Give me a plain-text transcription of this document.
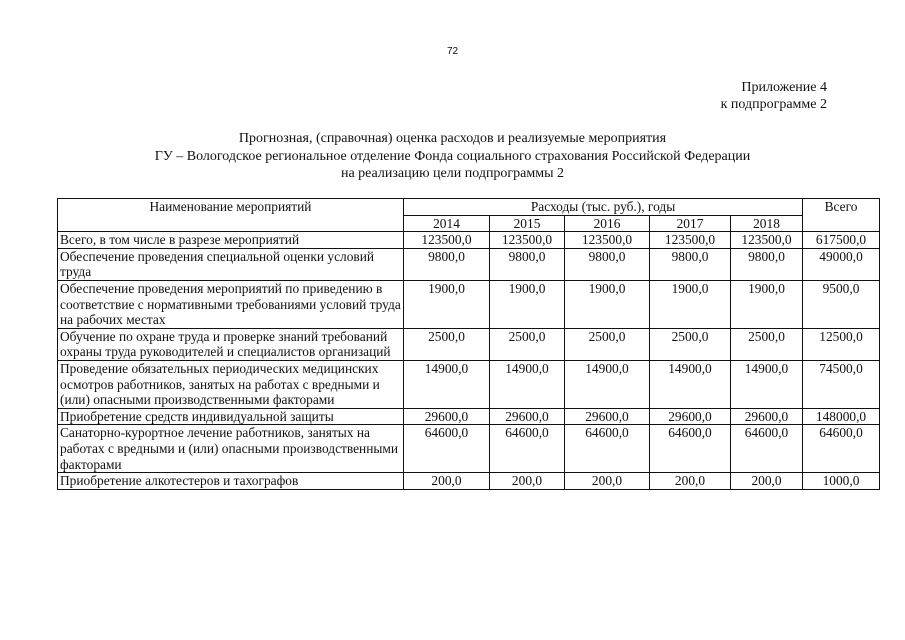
72
Приложение 4
к подпрограмме 2
Прогнозная, (справочная) оценка расходов и реализуемые мероприятия
ГУ – Вологодское региональное отделение Фонда социального страхования Российской Федерации
на реализацию цели подпрограммы 2
Наименование мероприятий	Расходы (тыс. руб.), годы					Всего
	2014	2015	2016	2017	2018	
Всего, в том числе в разрезе мероприятий	123500,0	123500,0	123500,0	123500,0	123500,0	617500,0
Обеспечение проведения специальной оценки условий труда	9800,0	9800,0	9800,0	9800,0	9800,0	49000,0
Обеспечение проведения мероприятий по приведению в соответствие с нормативными требованиями условий труда на рабочих местах	1900,0	1900,0	1900,0	1900,0	1900,0	9500,0
Обучение по охране труда и проверке знаний требований охраны труда руководителей и специалистов организаций	2500,0	2500,0	2500,0	2500,0	2500,0	12500,0
Проведение обязательных периодических медицинских осмотров работников, занятых на работах с вредными и (или) опасными производственными факторами	14900,0	14900,0	14900,0	14900,0	14900,0	74500,0
Приобретение средств индивидуальной защиты	29600,0	29600,0	29600,0	29600,0	29600,0	148000,0
Санаторно-курортное лечение работников, занятых на работах с вредными и (или) опасными производственными факторами	64600,0	64600,0	64600,0	64600,0	64600,0	64600,0
Приобретение алкотестеров и тахографов	200,0	200,0	200,0	200,0	200,0	1000,0
